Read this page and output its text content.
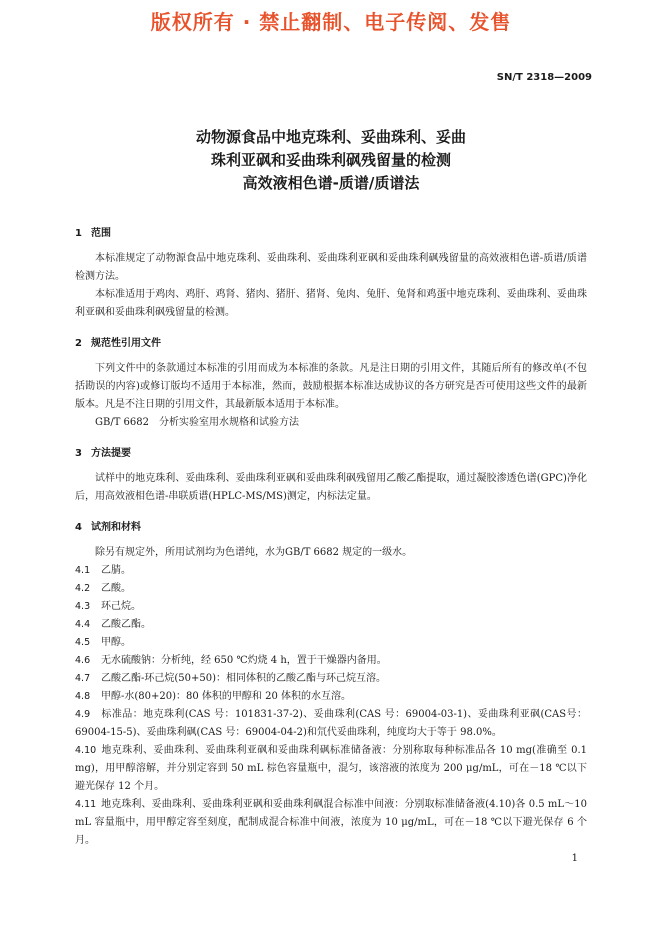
版权所有 · 禁止翻制、电子传阅、发售
SN/T 2318—2009
动物源食品中地克珠利、妥曲珠利、妥曲
珠利亚砜和妥曲珠利砜残留量的检测
高效液相色谱-质谱/质谱法
1 范围

本标准规定了动物源食品中地克珠利、妥曲珠利、妥曲珠利亚砜和妥曲珠利砜残留量的高效液相色谱-质谱/质谱检测方法。

本标准适用于鸡肉、鸡肝、鸡肾、猪肉、猪肝、猪肾、兔肉、兔肝、兔肾和鸡蛋中地克珠利、妥曲珠利、妥曲珠利亚砜和妥曲珠利砜残留量的检测。

2 规范性引用文件

下列文件中的条款通过本标准的引用而成为本标准的条款。凡是注日期的引用文件，其随后所有的修改单(不包括勘误的内容)或修订版均不适用于本标准，然而，鼓励根据本标准达成协议的各方研究是否可使用这些文件的最新版本。凡是不注日期的引用文件，其最新版本适用于本标准。

GB/T 6682　分析实验室用水规格和试验方法

3 方法提要

试样中的地克珠利、妥曲珠利、妥曲珠利亚砜和妥曲珠利砜残留用乙酸乙酯提取，通过凝胶渗透色谱(GPC)净化后，用高效液相色谱-串联质谱(HPLC-MS/MS)测定，内标法定量。

4 试剂和材料

除另有规定外，所用试剂均为色谱纯，水为GB/T 6682 规定的一级水。

4.1 乙腈。

4.2 乙酸。

4.3 环己烷。

4.4 乙酸乙酯。

4.5 甲醇。

4.6 无水硫酸钠：分析纯，经 650 ℃灼烧 4 h，置于干燥器内备用。

4.7 乙酸乙酯-环己烷(50+50)：相同体积的乙酸乙酯与环己烷互溶。

4.8 甲醇-水(80+20)：80 体积的甲醇和 20 体积的水互溶。

4.9 标准品：地克珠利(CAS 号：101831-37-2)、妥曲珠利(CAS 号：69004-03-1)、妥曲珠利亚砜(CAS号：69004-15-5)、妥曲珠利砜(CAS 号：69004-04-2)和氘代妥曲珠利，纯度均大于等于 98.0%。

4.10 地克珠利、妥曲珠利、妥曲珠利亚砜和妥曲珠利砜标准储备液：分别称取每种标准品各 10 mg(准确至 0.1 mg)，用甲醇溶解，并分别定容到 50 mL 棕色容量瓶中，混匀，该溶液的浓度为 200 μg/mL，可在－18 ℃以下避光保存 12 个月。

4.11 地克珠利、妥曲珠利、妥曲珠利亚砜和妥曲珠利砜混合标准中间液：分别取标准储备液(4.10)各 0.5 mL～10 mL 容量瓶中，用甲醇定容至刻度，配制成混合标准中间液，浓度为 10 μg/mL，可在－18 ℃以下避光保存 6 个月。

1
